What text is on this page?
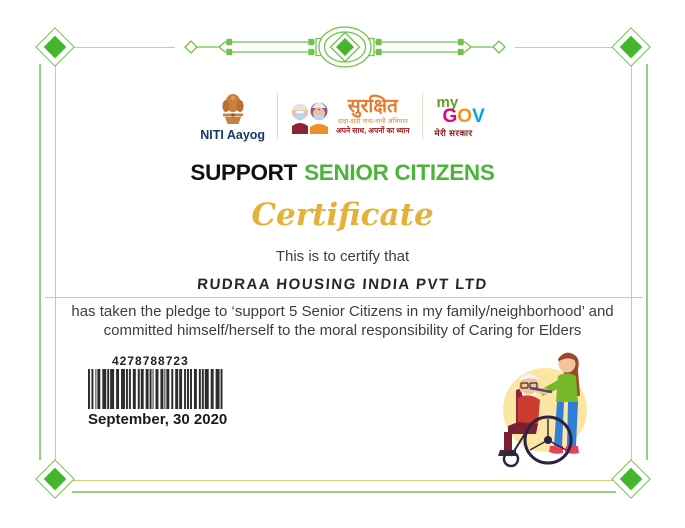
NITI Aayog
सुरक्षित
दादा-दादी नाना-नानी अभियान
अपने साथ, अपनों का ध्यान
my
GOV
मेरी सरकार
SUPPORT SENIOR CITIZENS
Certificate
This is to certify that
RUDRAA HOUSING INDIA PVT LTD
has taken the pledge to ‘support 5 Senior Citizens in my family/neighborhood’ and
committed himself/herself to the moral responsibility of Caring for Elders
4278788723
September, 30 2020
